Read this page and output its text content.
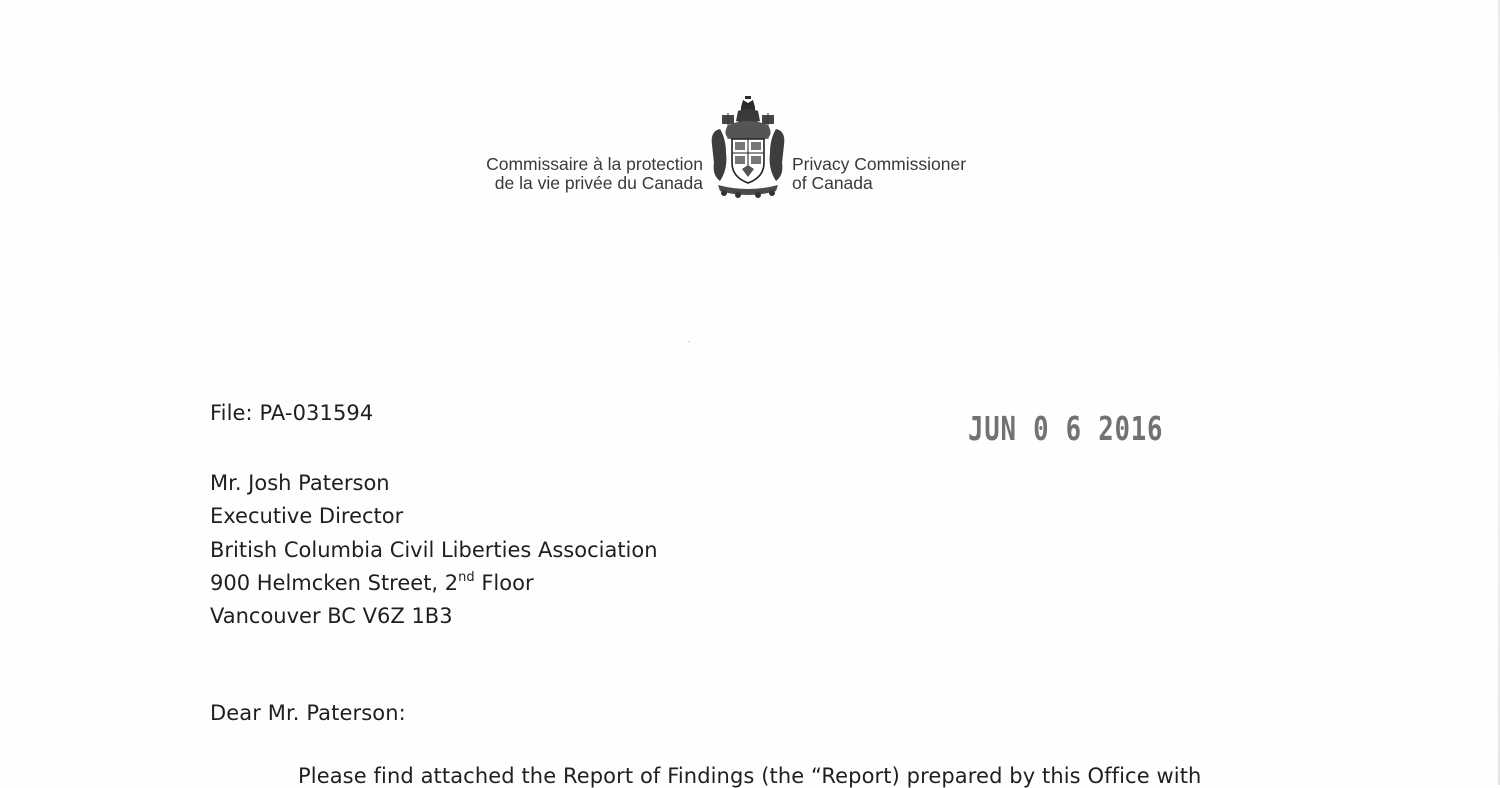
Commissaire à la protection
de la vie privée du Canada
Privacy Commissioner
of Canada
File: PA-031594	JUN 0 6 2016
Mr. Josh Paterson
Executive Director
British Columbia Civil Liberties Association
900 Helmcken Street, 2nd Floor
Vancouver BC V6Z 1B3
Dear Mr. Paterson:
Please find attached the Report of Findings (the “Report) prepared by this Office with
